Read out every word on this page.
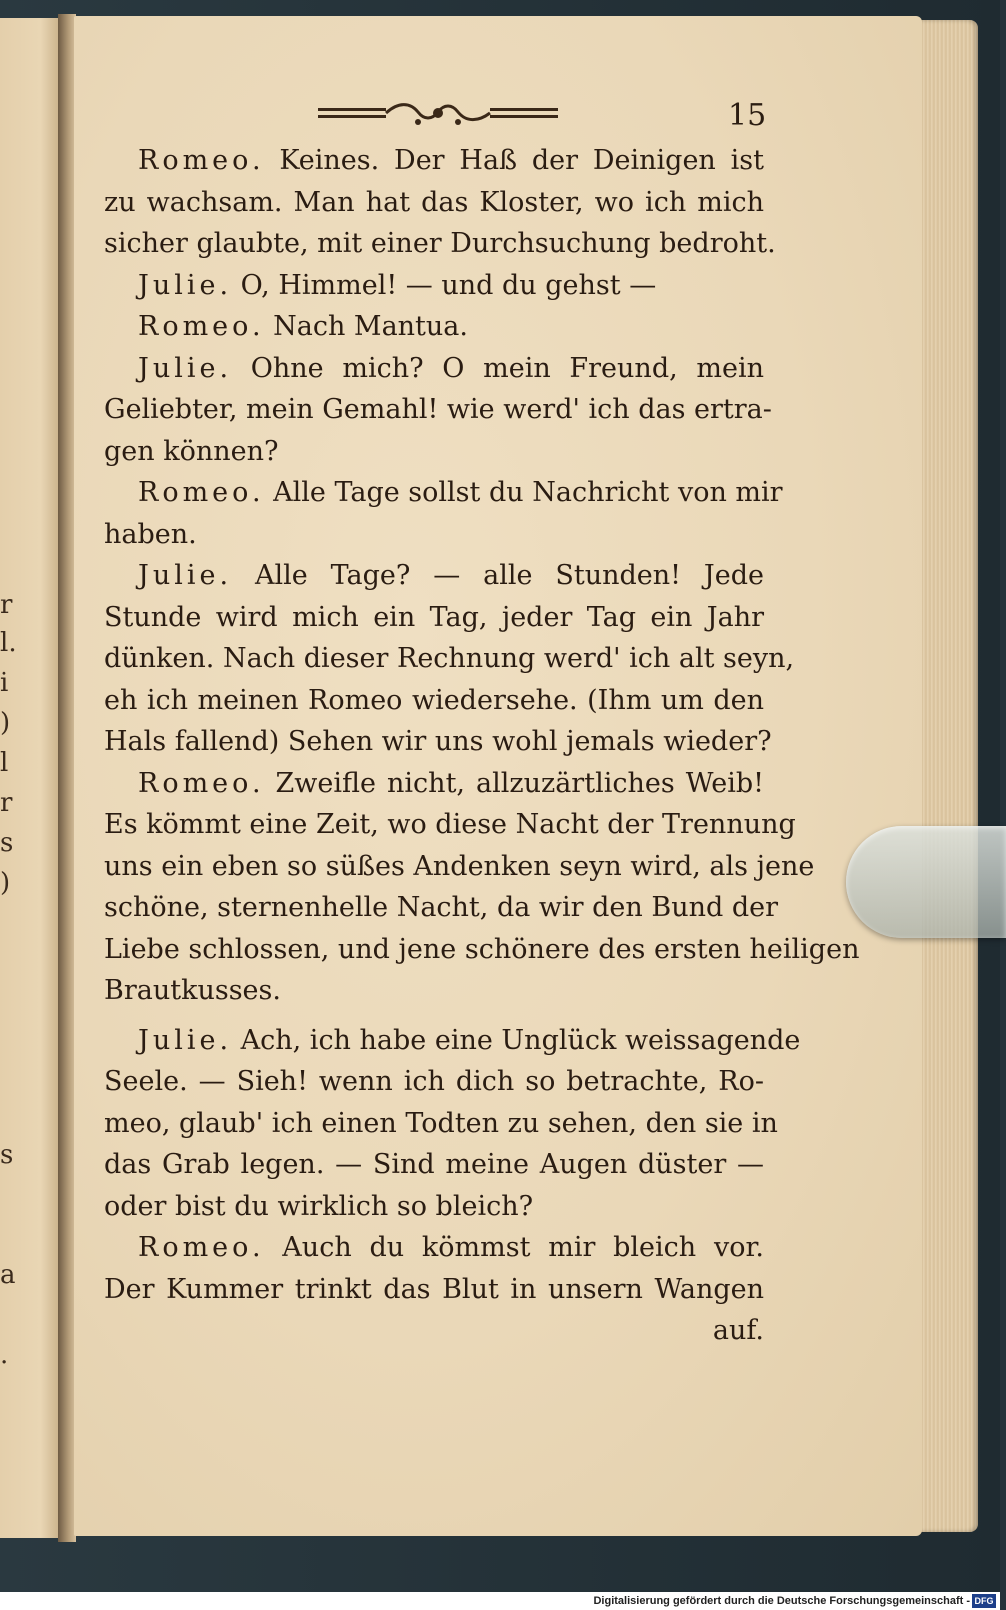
r
l.
i
)
l
r
s
)
s
a
.
15
Romeo. Keines. Der Haß der Deinigen ist
zu wachsam. Man hat das Kloster, wo ich mich
sicher glaubte, mit einer Durchsuchung bedroht.
Julie. O, Himmel! — und du gehst —
Romeo. Nach Mantua.
Julie. Ohne mich? O mein Freund, mein
Geliebter, mein Gemahl! wie werd' ich das ertra-
gen können?
Romeo. Alle Tage sollst du Nachricht von mir
haben.
Julie. Alle Tage? — alle Stunden! Jede
Stunde wird mich ein Tag, jeder Tag ein Jahr
dünken. Nach dieser Rechnung werd' ich alt seyn,
eh ich meinen Romeo wiedersehe. (Ihm um den
Hals fallend) Sehen wir uns wohl jemals wieder?
Romeo. Zweifle nicht, allzuzärtliches Weib!
Es kömmt eine Zeit, wo diese Nacht der Trennung
uns ein eben so süßes Andenken seyn wird, als jene
schöne, sternenhelle Nacht, da wir den Bund der
Liebe schlossen, und jene schönere des ersten heiligen
Brautkusses.
Julie. Ach, ich habe eine Unglück weissagende
Seele. — Sieh! wenn ich dich so betrachte, Ro-
meo, glaub' ich einen Todten zu sehen, den sie in
das Grab legen. — Sind meine Augen düster —
oder bist du wirklich so bleich?
Romeo. Auch du kömmst mir bleich vor.
Der Kummer trinkt das Blut in unsern Wangen
auf.
Digitalisierung gefördert durch die Deutsche Forschungsgemeinschaft - DFG
